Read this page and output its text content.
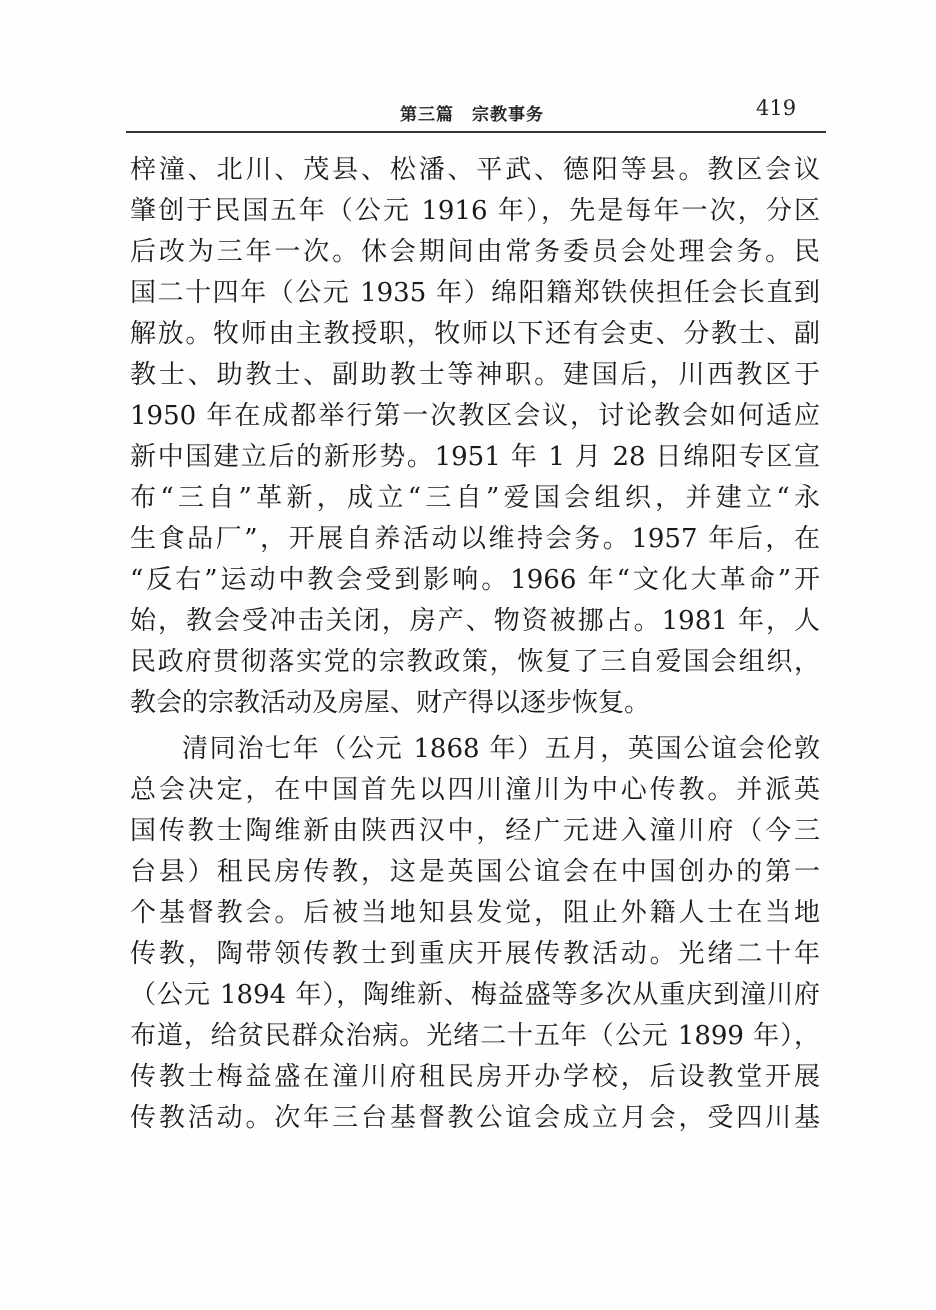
第三篇　宗教事务	419
梓潼、北川、茂县、松潘、平武、德阳等县。教区会议
肇创于民国五年（公元 1916 年），先是每年一次，分区
后改为三年一次。休会期间由常务委员会处理会务。民
国二十四年（公元 1935 年）绵阳籍郑铁侠担任会长直到
解放。牧师由主教授职，牧师以下还有会吏、分教士、副
教士、助教士、副助教士等神职。建国后，川西教区于
1950 年在成都举行第一次教区会议，讨论教会如何适应
新中国建立后的新形势。1951 年 1 月 28 日绵阳专区宣
布“三自”革新，成立“三自”爱国会组织，并建立“永
生食品厂”，开展自养活动以维持会务。1957 年后，在
“反右”运动中教会受到影响。1966 年“文化大革命”开
始，教会受冲击关闭，房产、物资被挪占。1981 年，人
民政府贯彻落实党的宗教政策，恢复了三自爱国会组织，
教会的宗教活动及房屋、财产得以逐步恢复。
清同治七年（公元 1868 年）五月，英国公谊会伦敦
总会决定，在中国首先以四川潼川为中心传教。并派英
国传教士陶维新由陕西汉中，经广元进入潼川府（今三
台县）租民房传教，这是英国公谊会在中国创办的第一
个基督教会。后被当地知县发觉，阻止外籍人士在当地
传教，陶带领传教士到重庆开展传教活动。光绪二十年
（公元 1894 年），陶维新、梅益盛等多次从重庆到潼川府
布道，给贫民群众治病。光绪二十五年（公元 1899 年），
传教士梅益盛在潼川府租民房开办学校，后设教堂开展
传教活动。次年三台基督教公谊会成立月会，受四川基
